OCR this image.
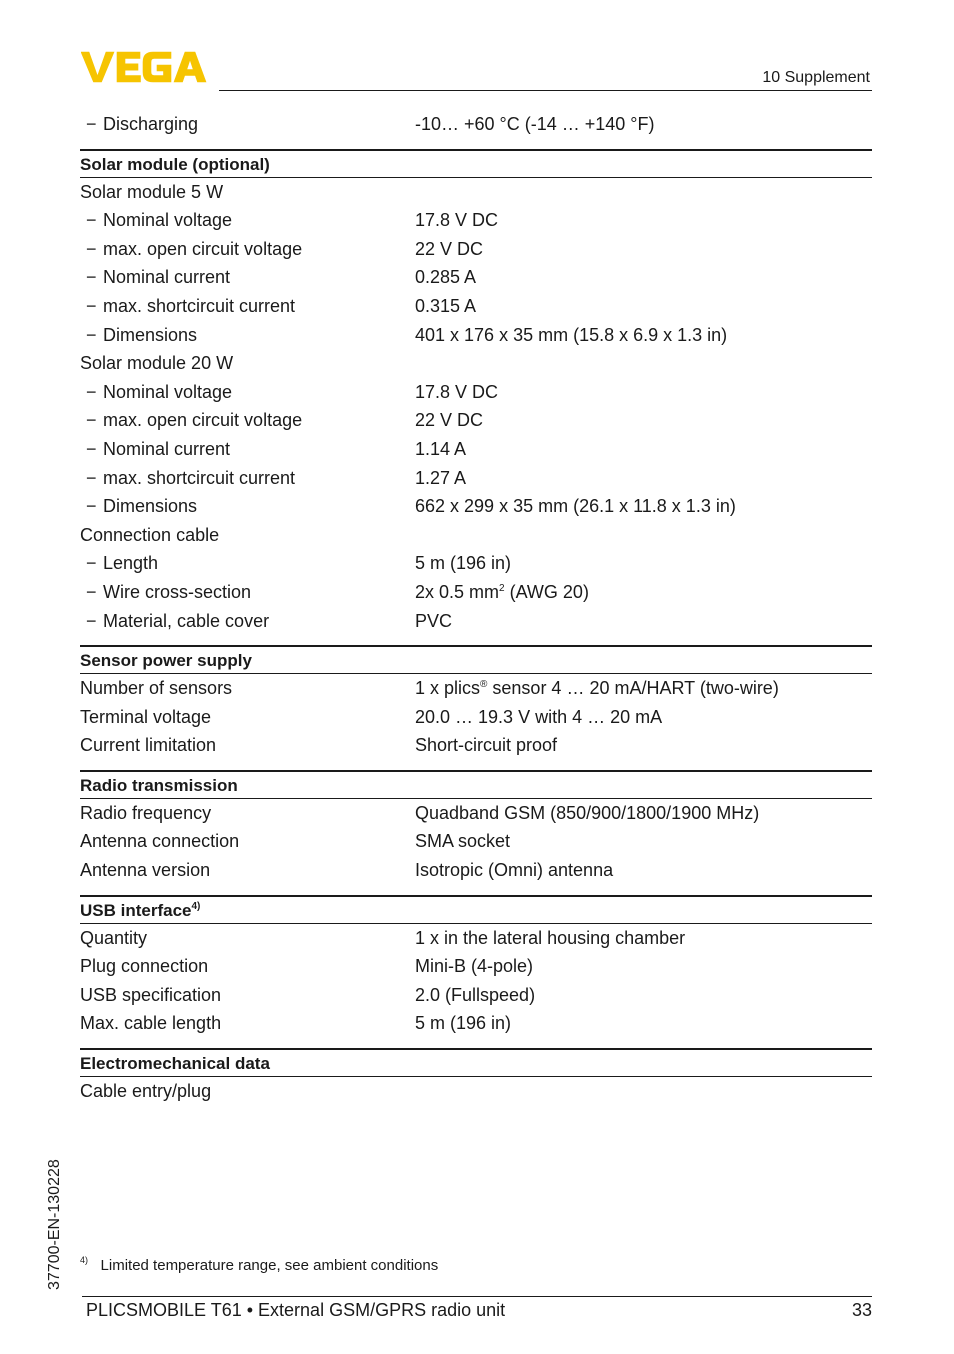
10 Supplement
− Discharging	-10… +60 °C (-14 … +140 °F)
Solar module (optional)
Solar module 5 W
− Nominal voltage	17.8 V DC
− max. open circuit voltage	22 V DC
− Nominal current	0.285 A
− max. shortcircuit current	0.315 A
− Dimensions	401 x 176 x 35 mm (15.8 x 6.9 x 1.3 in)
Solar module 20 W
− Nominal voltage	17.8 V DC
− max. open circuit voltage	22 V DC
− Nominal current	1.14 A
− max. shortcircuit current	1.27 A
− Dimensions	662 x 299 x 35 mm (26.1 x 11.8 x 1.3 in)
Connection cable
− Length	5 m (196 in)
− Wire cross-section	2x 0.5 $mm^2$ (AWG 20)
− Material, cable cover	PVC
Sensor power supply
Number of sensors	1 x plics® sensor 4 … 20 mA/HART (two-wire)
Terminal voltage	20.0 … 19.3 V with 4 … 20 mA
Current limitation	Short-circuit proof
Radio transmission
Radio frequency	Quadband GSM (850/900/1800/1900 MHz)
Antenna connection	SMA socket
Antenna version	Isotropic (Omni) antenna
USB interface$^{4)}$
Quantity	1 x in the lateral housing chamber
Plug connection	Mini-B (4-pole)
USB specification	2.0 (Fullspeed)
Max. cable length	5 m (196 in)
Electromechanical data
Cable entry/plug
37700-EN-130228 $^{4)}$ Limited temperature range, see ambient conditions
PLICSMOBILE T61 • External GSM/GPRS radio unit	33
